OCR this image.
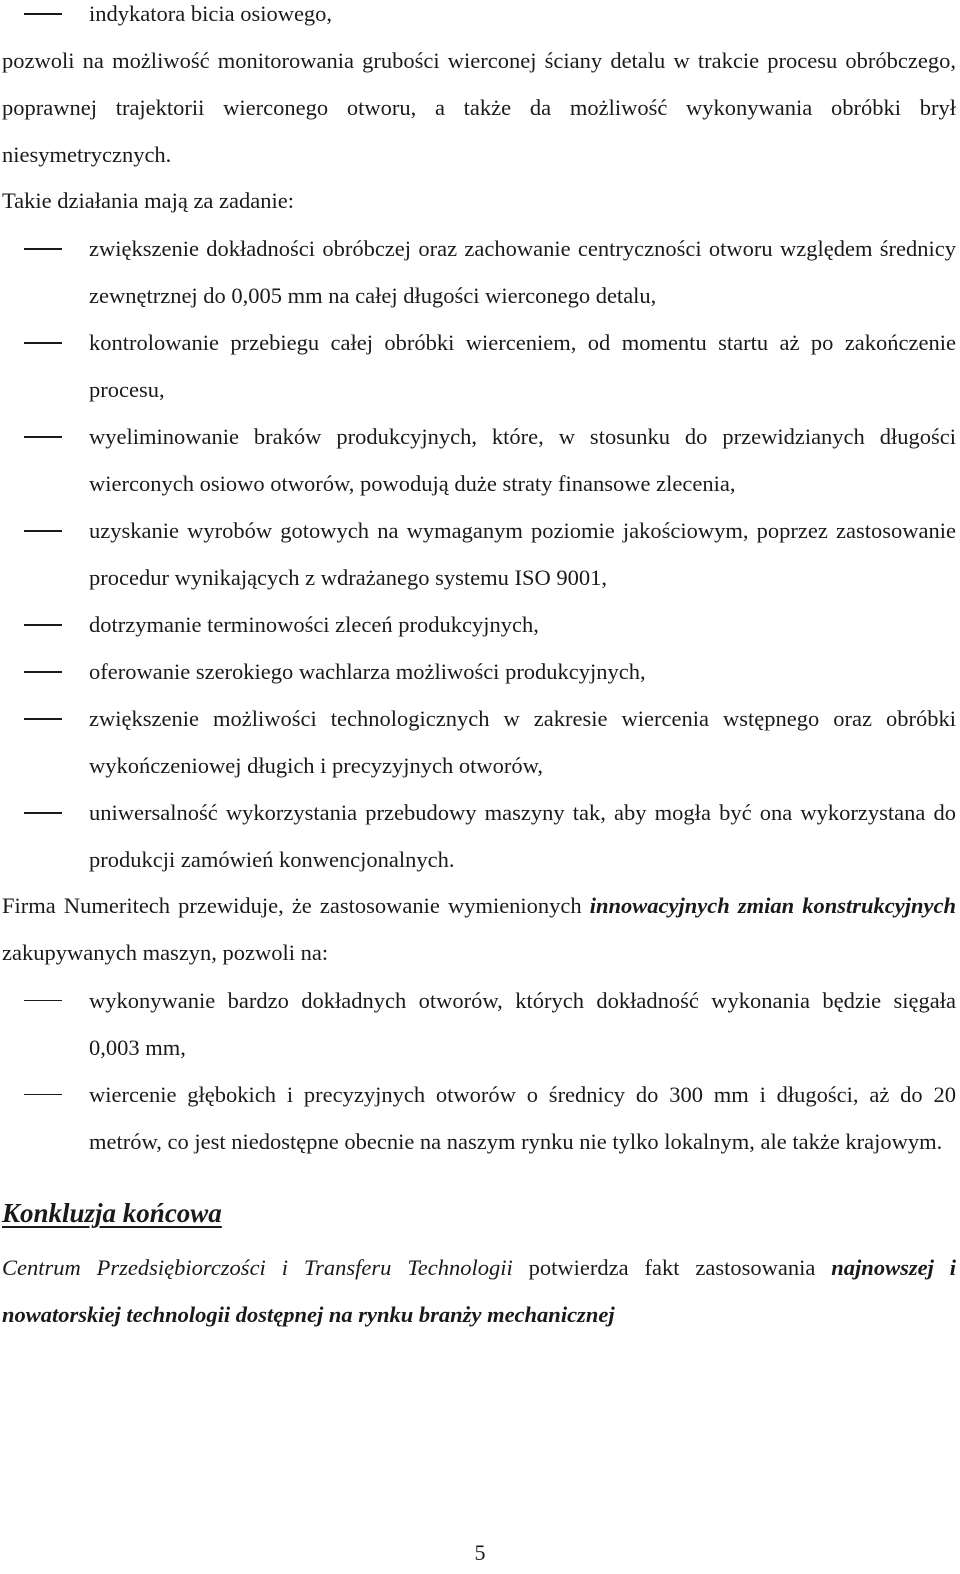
indykatora bicia osiowego,

pozwoli na możliwość monitorowania grubości wierconej ściany detalu w trakcie procesu obróbczego, poprawnej trajektorii wierconego otworu, a także da możliwość wykonywania obróbki brył niesymetrycznych.

Takie działania mają za zadanie:

zwiększenie dokładności obróbczej oraz zachowanie centryczności otworu względem średnicy zewnętrznej do 0,005 mm na całej długości wierconego detalu,
kontrolowanie przebiegu całej obróbki wierceniem, od momentu startu aż po zakończenie procesu,
wyeliminowanie braków produkcyjnych, które, w stosunku do przewidzianych długości wierconych osiowo otworów, powodują duże straty finansowe zlecenia,
uzyskanie wyrobów gotowych na wymaganym poziomie jakościowym, poprzez zastosowanie procedur wynikających z wdrażanego systemu ISO 9001,
dotrzymanie terminowości zleceń produkcyjnych,
oferowanie szerokiego wachlarza możliwości produkcyjnych,
zwiększenie możliwości technologicznych w zakresie wiercenia wstępnego oraz obróbki wykończeniowej długich i precyzyjnych otworów,
uniwersalność wykorzystania przebudowy maszyny tak, aby mogła być ona wykorzystana do produkcji zamówień konwencjonalnych.

Firma Numeritech przewiduje, że zastosowanie wymienionych innowacyjnych zmian konstrukcyjnych zakupywanych maszyn, pozwoli na:

wykonywanie bardzo dokładnych otworów, których dokładność wykonania będzie sięgała 0,003 mm,
wiercenie głębokich i precyzyjnych otworów o średnicy do 300 mm i długości, aż do 20 metrów, co jest niedostępne obecnie na naszym rynku nie tylko lokalnym, ale także krajowym.
Konkluzja końcowa

Centrum Przedsiębiorczości i Transferu Technologii potwierdza fakt zastosowania najnowszej i nowatorskiej technologii dostępnej na rynku branży mechanicznej

5
